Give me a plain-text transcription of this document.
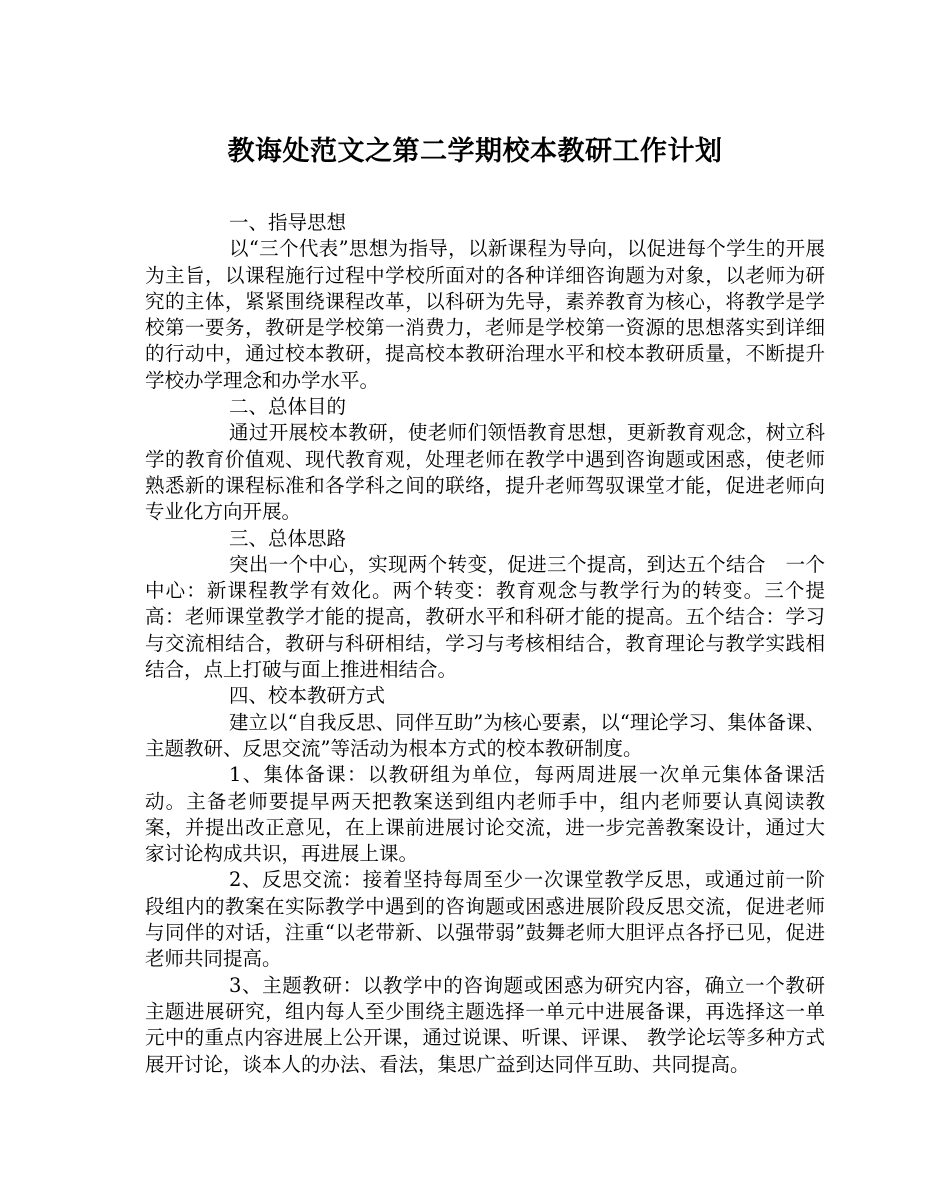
教诲处范文之第二学期校本教研工作计划

一、指导思想

以“三个代表”思想为指导，以新课程为导向，以促进每个学生的开展为主旨，以课程施行过程中学校所面对的各种详细咨询题为对象，以老师为研究的主体，紧紧围绕课程改革，以科研为先导，素养教育为核心，将教学是学校第一要务，教研是学校第一消费力，老师是学校第一资源的思想落实到详细的行动中，通过校本教研，提高校本教研治理水平和校本教研质量，不断提升学校办学理念和办学水平。

二、总体目的

通过开展校本教研，使老师们领悟教育思想，更新教育观念，树立科学的教育价值观、现代教育观，处理老师在教学中遇到咨询题或困惑，使老师熟悉新的课程标准和各学科之间的联络，提升老师驾驭课堂才能，促进老师向专业化方向开展。

三、总体思路

突出一个中心，实现两个转变，促进三个提高，到达五个结合　一个中心：新课程教学有效化。两个转变：教育观念与教学行为的转变。三个提高：老师课堂教学才能的提高，教研水平和科研才能的提高。五个结合：学习与交流相结合，教研与科研相结，学习与考核相结合，教育理论与教学实践相结合，点上打破与面上推进相结合。

四、校本教研方式

建立以“自我反思、同伴互助”为核心要素，以“理论学习、集体备课、主题教研、反思交流”等活动为根本方式的校本教研制度。

1、集体备课：以教研组为单位，每两周进展一次单元集体备课活动。主备老师要提早两天把教案送到组内老师手中，组内老师要认真阅读教案，并提出改正意见，在上课前进展讨论交流，进一步完善教案设计，通过大家讨论构成共识，再进展上课。

2、反思交流：接着坚持每周至少一次课堂教学反思，或通过前一阶段组内的教案在实际教学中遇到的咨询题或困惑进展阶段反思交流，促进老师与同伴的对话，注重“以老带新、以强带弱”鼓舞老师大胆评点各抒已见，促进老师共同提高。

3、主题教研：以教学中的咨询题或困惑为研究内容，确立一个教研主题进展研究，组内每人至少围绕主题选择一单元中进展备课，再选择这一单元中的重点内容进展上公开课，通过说课、听课、评课、 教学论坛等多种方式展开讨论，谈本人的办法、看法，集思广益到达同伴互助、共同提高。
